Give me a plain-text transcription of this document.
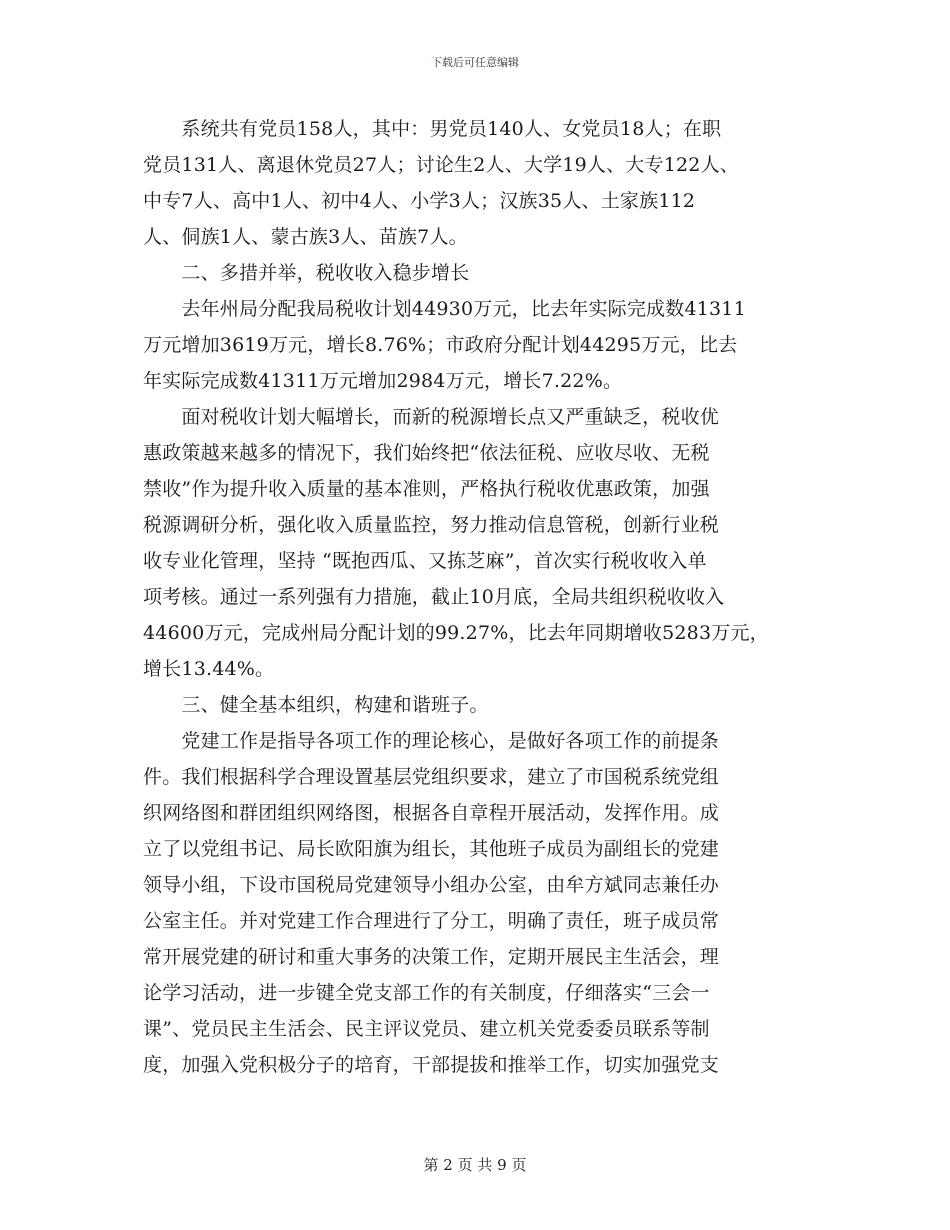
下载后可任意编辑
　　系统共有党员158人，其中：男党员140人、女党员18人；在职
党员131人、离退休党员27人；讨论生2人、大学19人、大专122人、
中专7人、高中1人、初中4人、小学3人；汉族35人、土家族112
人、侗族1人、蒙古族3人、苗族7人。
　　二、多措并举，税收收入稳步增长
　　去年州局分配我局税收计划44930万元，比去年实际完成数41311
万元增加3619万元，增长8.76%；市政府分配计划44295万元，比去
年实际完成数41311万元增加2984万元，增长7.22%。
　　面对税收计划大幅增长，而新的税源增长点又严重缺乏，税收优
惠政策越来越多的情况下，我们始终把“依法征税、应收尽收、无税
禁收”作为提升收入质量的基本准则，严格执行税收优惠政策，加强
税源调研分析，强化收入质量监控，努力推动信息管税，创新行业税
收专业化管理，坚持 “既抱西瓜、又拣芝麻”，首次实行税收收入单
项考核。通过一系列强有力措施，截止10月底，全局共组织税收收入
44600万元，完成州局分配计划的99.27%，比去年同期增收5283万元，
增长13.44%。
　　三、健全基本组织，构建和谐班子。
　　党建工作是指导各项工作的理论核心，是做好各项工作的前提条
件。我们根据科学合理设置基层党组织要求，建立了市国税系统党组
织网络图和群团组织网络图，根据各自章程开展活动，发挥作用。成
立了以党组书记、局长欧阳旗为组长，其他班子成员为副组长的党建
领导小组，下设市国税局党建领导小组办公室，由牟方斌同志兼任办
公室主任。并对党建工作合理进行了分工，明确了责任，班子成员常
常开展党建的研讨和重大事务的决策工作，定期开展民主生活会，理
论学习活动，进一步键全党支部工作的有关制度，仔细落实“三会一
课”、党员民主生活会、民主评议党员、建立机关党委委员联系等制
度，加强入党积极分子的培育，干部提拔和推举工作，切实加强党支
第 2 页 共 9 页
